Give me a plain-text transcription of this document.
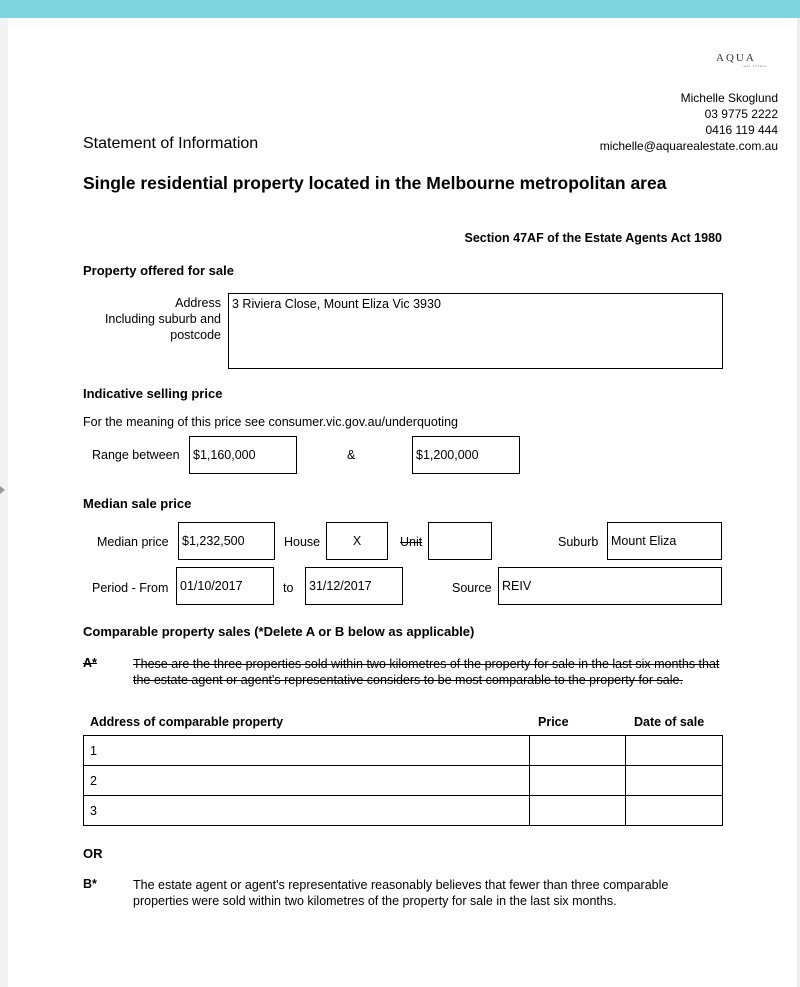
AQUA
real estate
Michelle Skoglund
03 9775 2222
0416 119 444
michelle@aquarealestate.com.au
Statement of Information
Single residential property located in the Melbourne metropolitan area
Section 47AF of the Estate Agents Act 1980
Property offered for sale
Address
Including suburb and
postcode
3 Riviera Close, Mount Eliza Vic 3930
Indicative selling price
For the meaning of this price see consumer.vic.gov.au/underquoting
Range between	$1,160,000	&	$1,200,000
Median sale price
Median price	$1,232,500	House	X	Unit	Suburb	Mount Eliza
Period - From 01/10/2017	to	31/12/2017	Source REIV
Comparable property sales (*Delete A or B below as applicable)
A*	These are the three properties sold within two kilometres of the property for sale in the last six months that the estate agent or agent's representative considers to be most comparable to the property for sale.
Address of comparable property	Price	Date of sale
1		
2		
3		
OR
B*	The estate agent or agent's representative reasonably believes that fewer than three comparable properties were sold within two kilometres of the property for sale in the last six months.
